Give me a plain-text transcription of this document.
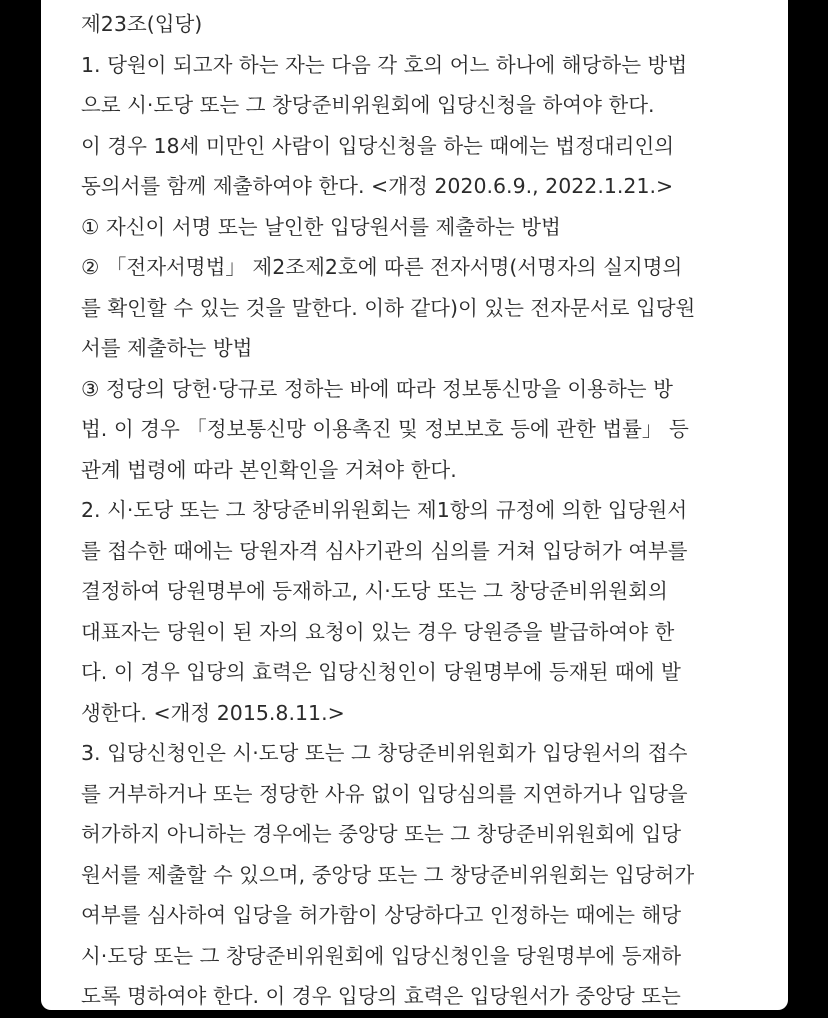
제23조(입당)
1. 당원이 되고자 하는 자는 다음 각 호의 어느 하나에 해당하는 방법
으로 시·도당 또는 그 창당준비위원회에 입당신청을 하여야 한다.
이 경우 18세 미만인 사람이 입당신청을 하는 때에는 법정대리인의
동의서를 함께 제출하여야 한다. <개정 2020.6.9., 2022.1.21.>
① 자신이 서명 또는 날인한 입당원서를 제출하는 방법
② 「전자서명법」 제2조제2호에 따른 전자서명(서명자의 실지명의
를 확인할 수 있는 것을 말한다. 이하 같다)이 있는 전자문서로 입당원
서를 제출하는 방법
③ 정당의 당헌·당규로 정하는 바에 따라 정보통신망을 이용하는 방
법. 이 경우 「정보통신망 이용촉진 및 정보보호 등에 관한 법률」 등
관계 법령에 따라 본인확인을 거쳐야 한다.
2. 시·도당 또는 그 창당준비위원회는 제1항의 규정에 의한 입당원서
를 접수한 때에는 당원자격 심사기관의 심의를 거쳐 입당허가 여부를
결정하여 당원명부에 등재하고, 시·도당 또는 그 창당준비위원회의
대표자는 당원이 된 자의 요청이 있는 경우 당원증을 발급하여야 한
다. 이 경우 입당의 효력은 입당신청인이 당원명부에 등재된 때에 발
생한다. <개정 2015.8.11.>
3. 입당신청인은 시·도당 또는 그 창당준비위원회가 입당원서의 접수
를 거부하거나 또는 정당한 사유 없이 입당심의를 지연하거나 입당을
허가하지 아니하는 경우에는 중앙당 또는 그 창당준비위원회에 입당
원서를 제출할 수 있으며, 중앙당 또는 그 창당준비위원회는 입당허가
여부를 심사하여 입당을 허가함이 상당하다고 인정하는 때에는 해당
시·도당 또는 그 창당준비위원회에 입당신청인을 당원명부에 등재하
도록 명하여야 한다. 이 경우 입당의 효력은 입당원서가 중앙당 또는
